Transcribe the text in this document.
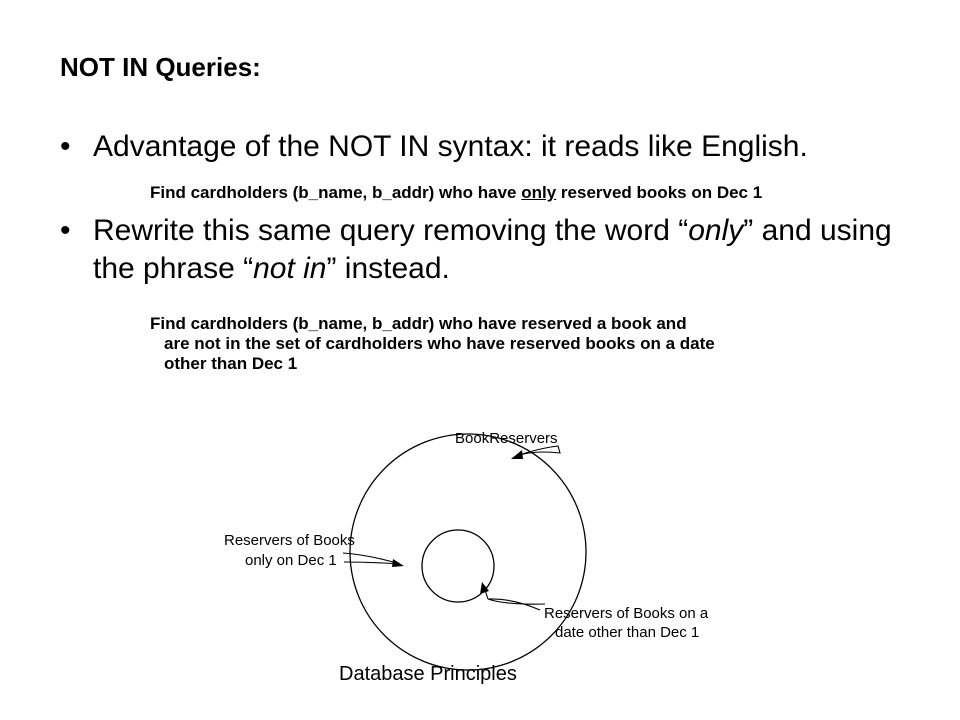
NOT IN Queries:
• Advantage of the NOT IN syntax: it reads like English.
Find cardholders (b_name, b_addr) who have only reserved books on Dec 1
• Rewrite this same query removing the word “only” and using the phrase “not in” instead.
Find cardholders (b_name, b_addr) who have reserved a book and
are not in the set of cardholders who have reserved books on a date
other than Dec 1
BookReservers
Reservers of Books
only on Dec 1
Reservers of Books on a
date other than Dec 1
Database Principles
